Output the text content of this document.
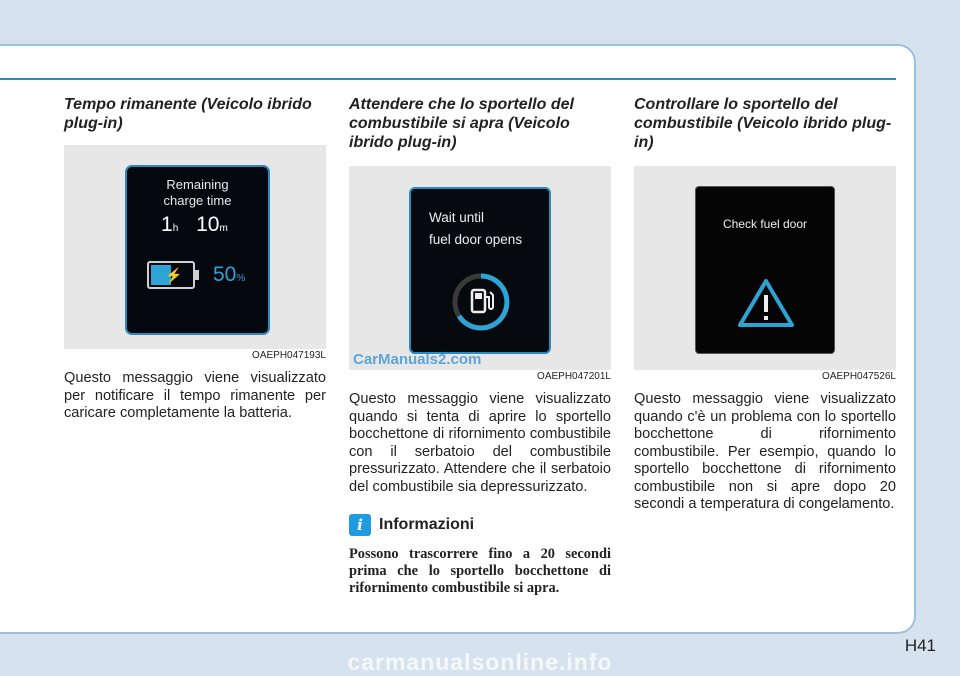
Tempo rimanente (Veicolo ibrido plug-in)

Remaining
charge time
1h 10m
⚡ 50%
OAEPH047193L
Questo messaggio viene visualizzato per notificare il tempo rimanente per caricare completamente la batteria.

Attendere che lo sportello del combustibile si apra (Veicolo ibrido plug-in)

Wait until
fuel door opens
CarManuals2.com
OAEPH047201L
Questo messaggio viene visualizzato quando si tenta di aprire lo sportello bocchettone di rifornimento combustibile con il serbatoio del combustibile pressurizzato. Attendere che il serbatoio del combustibile sia depressurizzato.
i	Informazioni
Possono trascorrere fino a 20 secondi prima che lo sportello bocchettone di rifornimento combustibile si apra.

Controllare lo sportello del combustibile (Veicolo ibrido plug-in)

Check fuel door
OAEPH047526L
Questo messaggio viene visualizzato quando c'è un problema con lo sportello bocchettone di rifornimento combustibile. Per esempio, quando lo sportello bocchettone di rifornimento combustibile non si apre dopo 20 secondi a temperatura di congelamento.
H41
carmanualsonline.info
